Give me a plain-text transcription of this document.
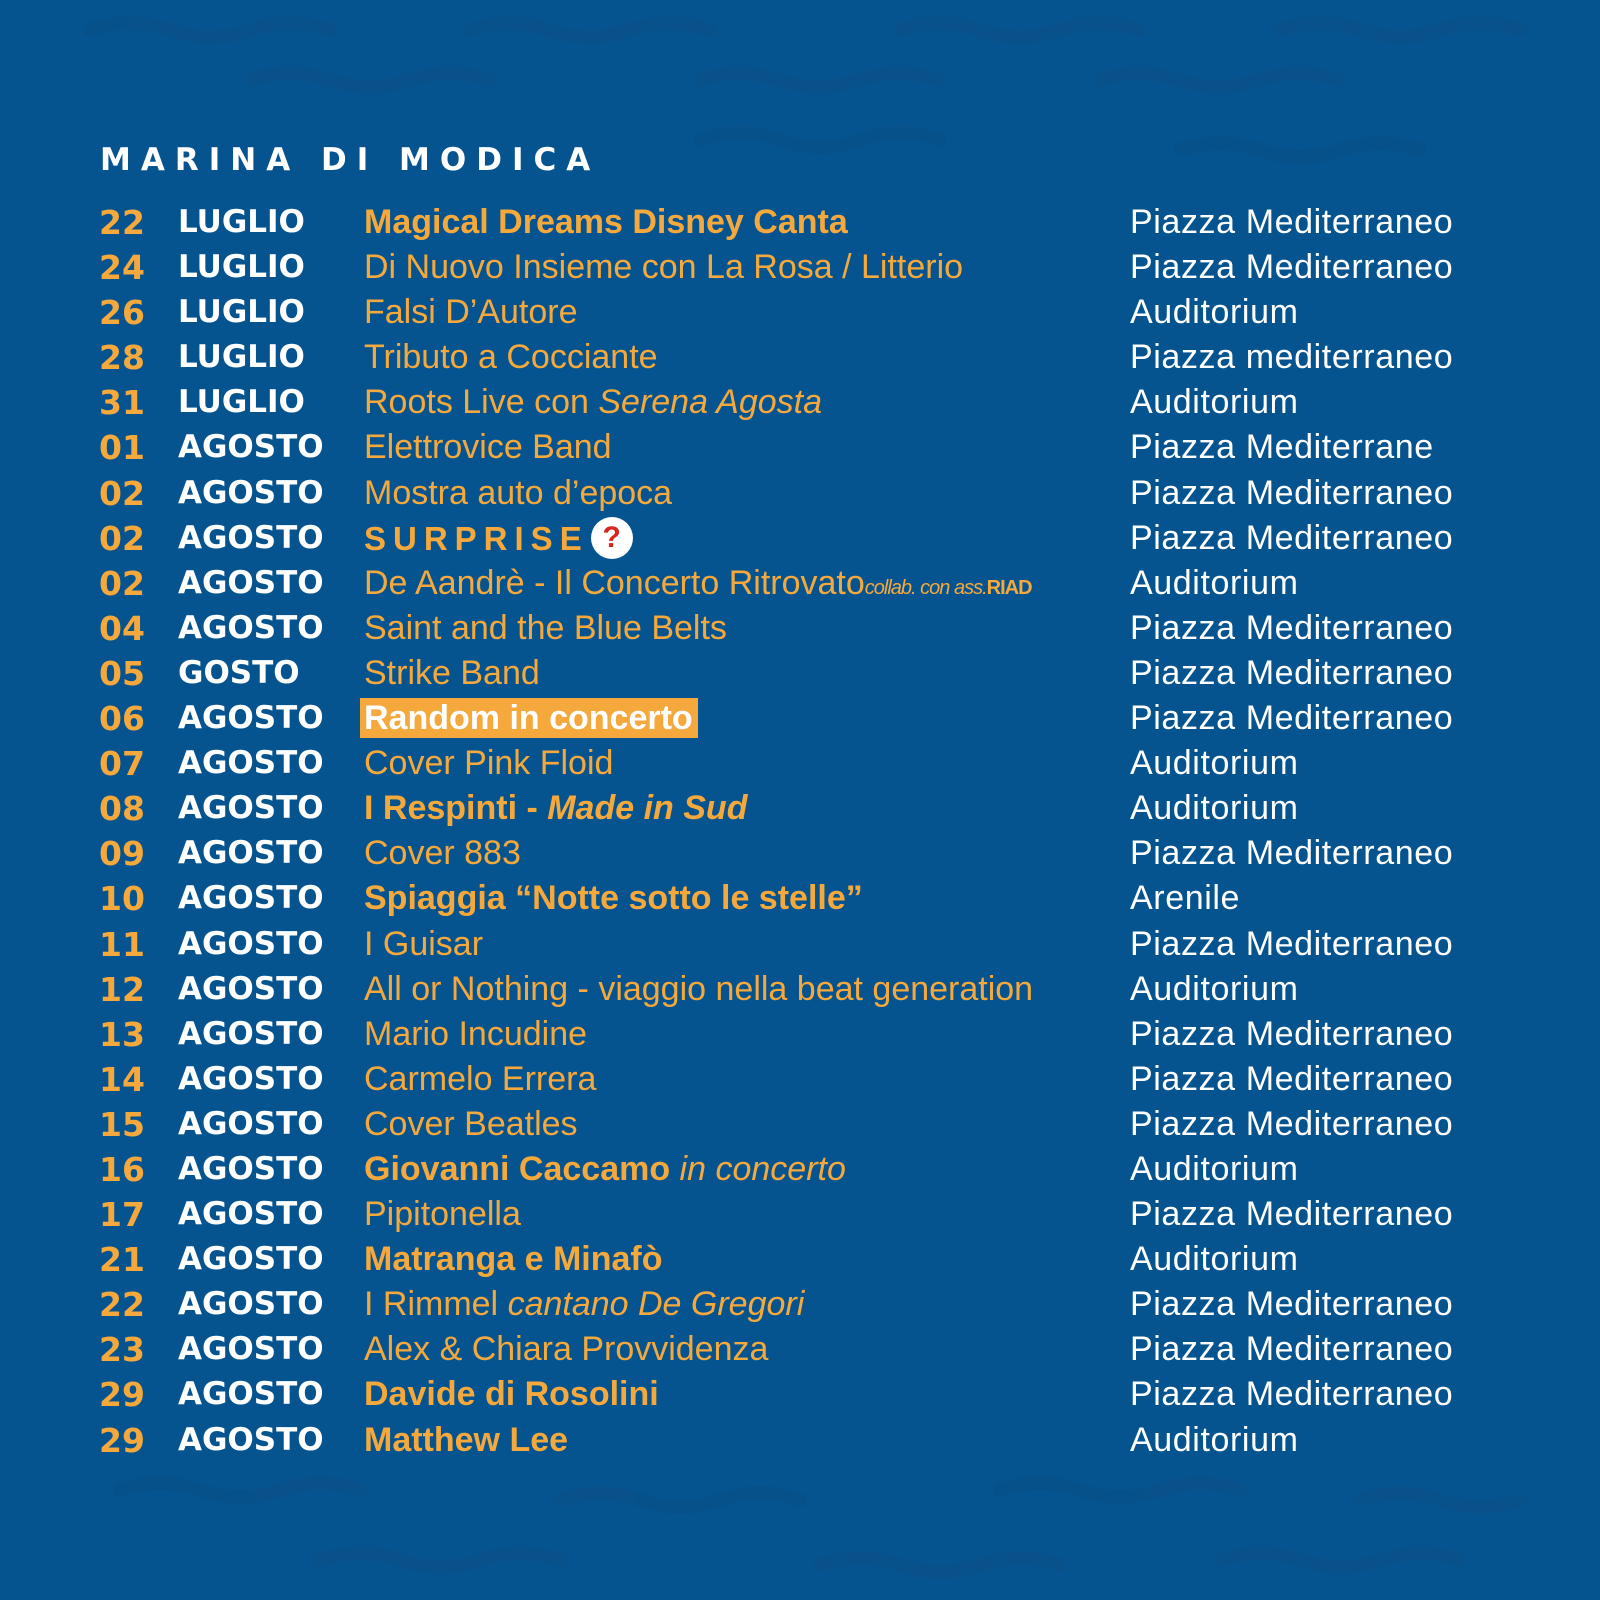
MARINA DI MODICA
22 LUGLIO Magical Dreams Disney Canta	Piazza Mediterraneo
24 LUGLIO Di Nuovo Insieme con La Rosa / Litterio	Piazza Mediterraneo
26 LUGLIO Falsi D’Autore	Auditorium
28 LUGLIO Tributo a Cocciante	Piazza mediterraneo
31 LUGLIO Roots Live con Serena Agosta	Auditorium
01 AGOSTO Elettrovice Band	Piazza Mediterrane
02 AGOSTO Mostra auto d’epoca	Piazza Mediterraneo
02 AGOSTO SURPRISE ?	Piazza Mediterraneo
02 AGOSTO De Aandrè - Il Concerto Ritrovatocollab. con ass.RIAD	Auditorium
04 AGOSTO Saint and the Blue Belts	Piazza Mediterraneo
05 GOSTO Strike Band	Piazza Mediterraneo
06 AGOSTO Random in concerto	Piazza Mediterraneo
07 AGOSTO Cover Pink Floid	Auditorium
08 AGOSTO I Respinti - Made in Sud	Auditorium
09 AGOSTO Cover 883	Piazza Mediterraneo
10 AGOSTO Spiaggia “Notte sotto le stelle”	Arenile
11 AGOSTO I Guisar	Piazza Mediterraneo
12 AGOSTO All or Nothing - viaggio nella beat generation	Auditorium
13 AGOSTO Mario Incudine	Piazza Mediterraneo
14 AGOSTO Carmelo Errera	Piazza Mediterraneo
15 AGOSTO Cover Beatles	Piazza Mediterraneo
16 AGOSTO Giovanni Caccamo in concerto	Auditorium
17 AGOSTO Pipitonella	Piazza Mediterraneo
21 AGOSTO Matranga e Minafò	Auditorium
22 AGOSTO I Rimmel cantano De Gregori	Piazza Mediterraneo
23 AGOSTO Alex & Chiara Provvidenza	Piazza Mediterraneo
29 AGOSTO Davide di Rosolini	Piazza Mediterraneo
29 AGOSTO Matthew Lee	Auditorium
